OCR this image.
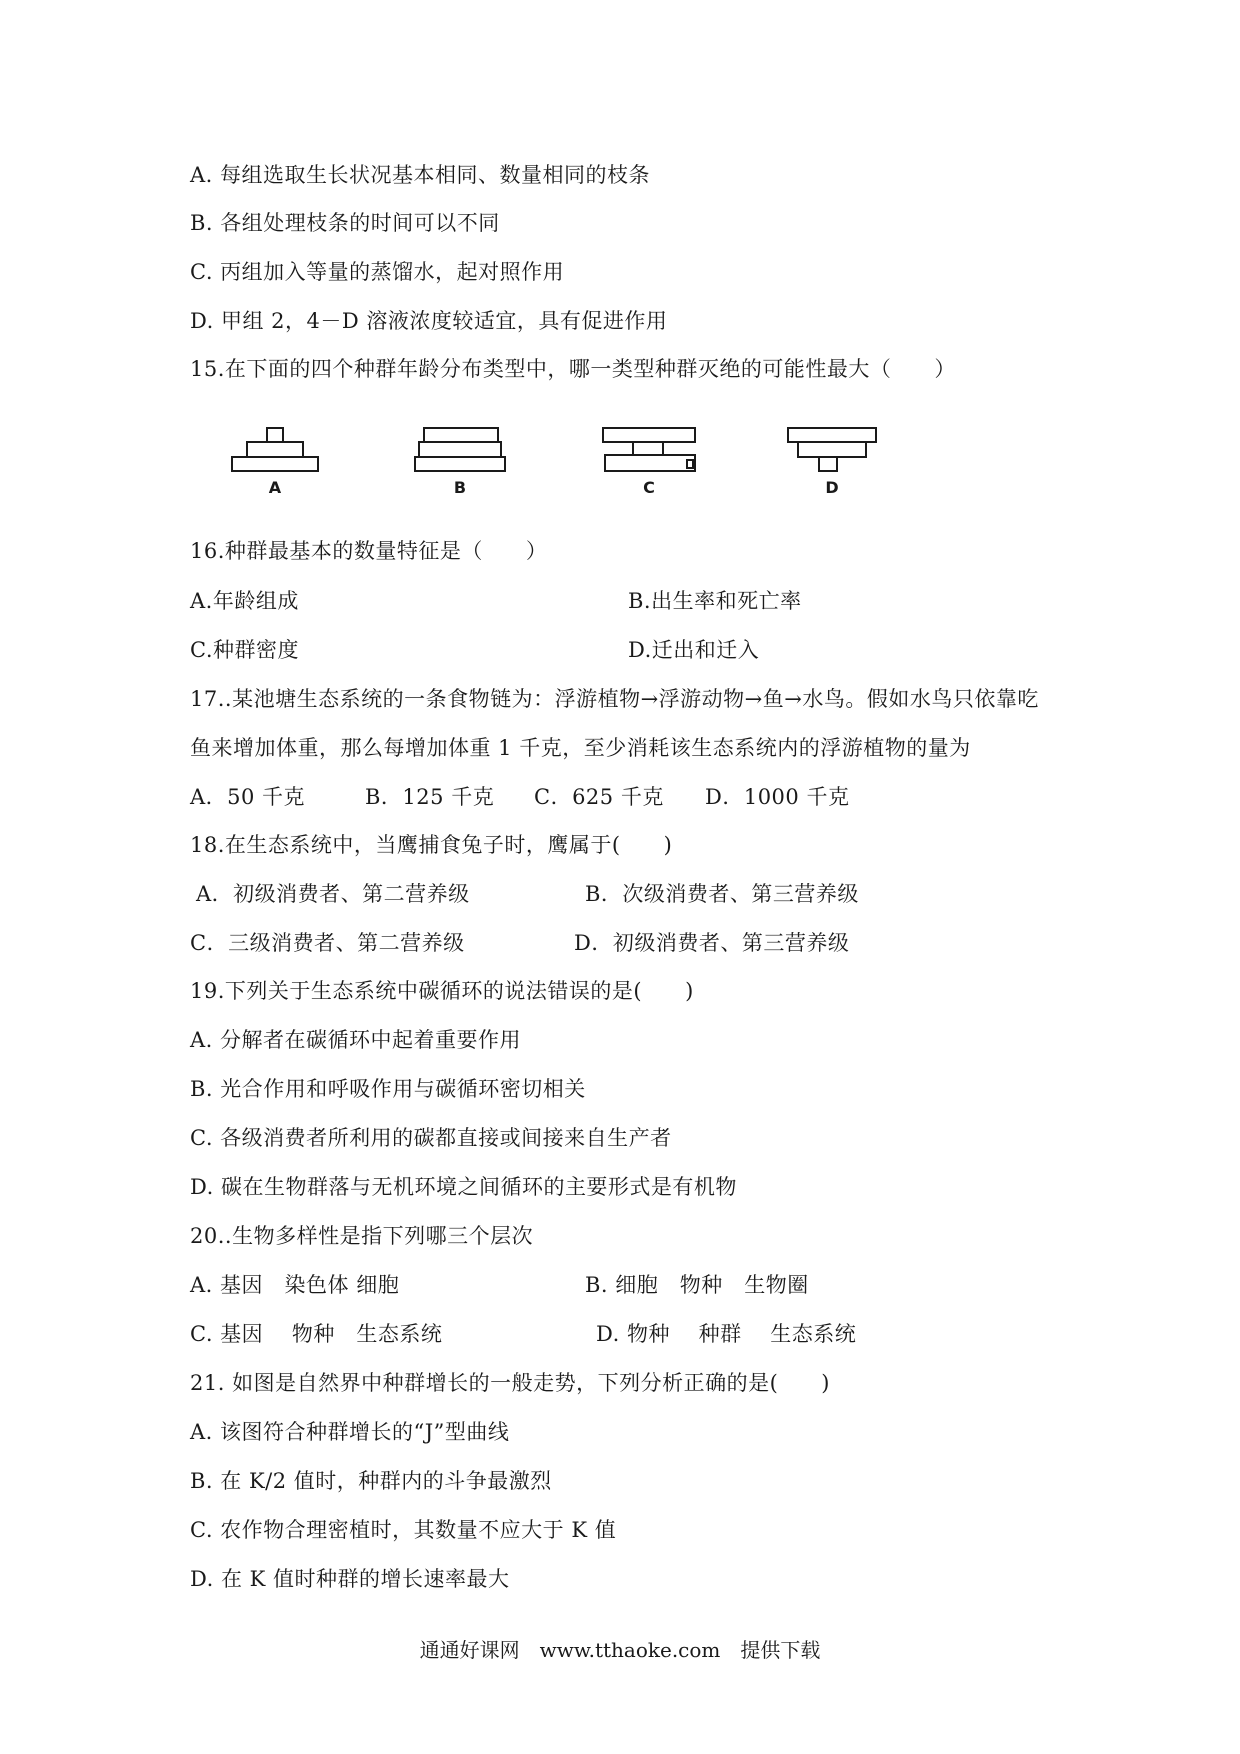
A. 每组选取生长状况基本相同、数量相同的枝条
B. 各组处理枝条的时间可以不同
C. 丙组加入等量的蒸馏水，起对照作用
D. 甲组 2，4－D 溶液浓度较适宜，具有促进作用
15.在下面的四个种群年龄分布类型中，哪一类型种群灭绝的可能性最大（　　）
A	B	C	D
16.种群最基本的数量特征是（　　）
A.年龄组成	B.出生率和死亡率
C.种群密度	D.迁出和迁入
17..某池塘生态系统的一条食物链为：浮游植物→浮游动物→鱼→水鸟。假如水鸟只依靠吃
鱼来增加体重，那么每增加体重 1 千克，至少消耗该生态系统内的浮游植物的量为
A．50 千克	B．125 千克 C．625 千克 D．1000 千克
18.在生态系统中，当鹰捕食兔子时，鹰属于(　　)
A．初级消费者、第二营养级	B．次级消费者、第三营养级
C．三级消费者、第二营养级	D．初级消费者、第三营养级
19.下列关于生态系统中碳循环的说法错误的是(　　)
A. 分解者在碳循环中起着重要作用
B. 光合作用和呼吸作用与碳循环密切相关
C. 各级消费者所利用的碳都直接或间接来自生产者
D. 碳在生物群落与无机环境之间循环的主要形式是有机物
20..生物多样性是指下列哪三个层次
A. 基因　染色体 细胞	B. 细胞　物种　生物圈
C. 基因　 物种　生态系统	D. 物种　 种群　 生态系统
21. 如图是自然界中种群增长的一般走势，下列分析正确的是(　　)
A. 该图符合种群增长的“J”型曲线
B. 在 K/2 值时，种群内的斗争最激烈
C. 农作物合理密植时，其数量不应大于 K 值
D. 在 K 值时种群的增长速率最大
通通好课网　www.tthaoke.com　提供下载
